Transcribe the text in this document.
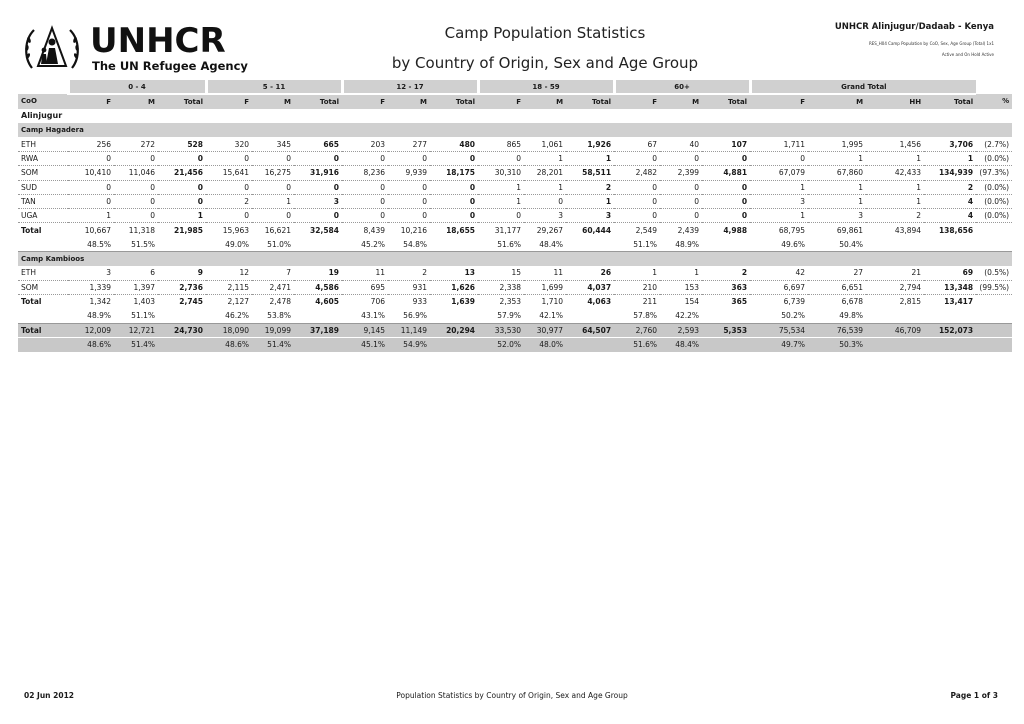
UNHCR
The UN Refugee Agency
Camp Population Statistics
by Country of Origin, Sex and Age Group
UNHCR Alinjugur/Dadaab - Kenya
RES_H04 Camp Population by CoO, Sex, Age Group (Total) 1x1
Active and On Hold Active
	0 - 4			5 - 11			12 - 17			18 - 59			60+			Grand Total				
CoO	F	M	Total	F	M	Total	F	M	Total	F	M	Total	F	M	Total	F	M	HH	Total	%
Alinjugur																				
Camp Hagadera																				
ETH	256	272	528	320	345	665	203	277	480	865	1,061	1,926	67	40	107	1,711	1,995	1,456	3,706	(2.7%)
RWA	0	0	0	0	0	0	0	0	0	0	1	1	0	0	0	0	1	1	1	(0.0%)
SOM	10,410	11,046	21,456	15,641	16,275	31,916	8,236	9,939	18,175	30,310	28,201	58,511	2,482	2,399	4,881	67,079	67,860	42,433	134,939	(97.3%)
SUD	0	0	0	0	0	0	0	0	0	1	1	2	0	0	0	1	1	1	2	(0.0%)
TAN	0	0	0	2	1	3	0	0	0	1	0	1	0	0	0	3	1	1	4	(0.0%)
UGA	1	0	1	0	0	0	0	0	0	0	3	3	0	0	0	1	3	2	4	(0.0%)
Total	10,667	11,318	21,985	15,963	16,621	32,584	8,439	10,216	18,655	31,177	29,267	60,444	2,549	2,439	4,988	68,795	69,861	43,894	138,656	
	48.5%	51.5%		49.0%	51.0%		45.2%	54.8%		51.6%	48.4%		51.1%	48.9%		49.6%	50.4%			
Camp Kambioos																				
ETH	3	6	9	12	7	19	11	2	13	15	11	26	1	1	2	42	27	21	69	(0.5%)
SOM	1,339	1,397	2,736	2,115	2,471	4,586	695	931	1,626	2,338	1,699	4,037	210	153	363	6,697	6,651	2,794	13,348	(99.5%)
Total	1,342	1,403	2,745	2,127	2,478	4,605	706	933	1,639	2,353	1,710	4,063	211	154	365	6,739	6,678	2,815	13,417	
	48.9%	51.1%		46.2%	53.8%		43.1%	56.9%		57.9%	42.1%		57.8%	42.2%		50.2%	49.8%			
Total	12,009	12,721	24,730	18,090	19,099	37,189	9,145	11,149	20,294	33,530	30,977	64,507	2,760	2,593	5,353	75,534	76,539	46,709	152,073	
	48.6%	51.4%		48.6%	51.4%		45.1%	54.9%		52.0%	48.0%		51.6%	48.4%		49.7%	50.3%			
02 Jun 2012	Population Statistics by Country of Origin, Sex and Age Group	Page 1 of 3
